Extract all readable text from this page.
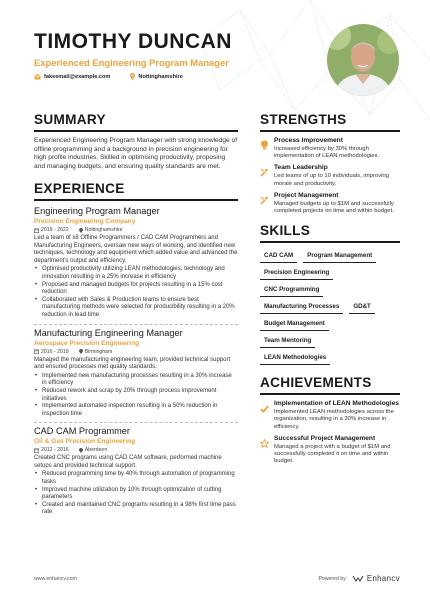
TIMOTHY DUNCAN
Experienced Engineering Program Manager
fakeemail@example.com	Nottinghamshire
SUMMARY
Experienced Engineering Program Manager with strong knowledge of offline programming and a background in precision engineering for high profile industries. Skilled in optimising productivity, proposing and managing budgets, and ensuring quality standards are met.
EXPERIENCE
Engineering Program Manager
Precision Engineering Company
2019 - 2022	Nottinghamshire
Led a team of x8 Offline Programmers / CAD CAM Programmers and Manufacturing Engineers, oversaw new ways of working, and identified new techniques, technology and equipment which added value and advanced the department's output and efficiency.
• Optimised productivity utilizing LEAN methodologies, technology and innovation resulting in a 25% increase in efficiency
• Proposed and managed budgets for projects resulting in a 15% cost reduction
• Collaborated with Sales & Production teams to ensure best manufacturing methods were selected for producibility resulting in a 20% reduction in lead time
Manufacturing Engineering Manager
Aerospace Precision Engineering
2016 - 2019	Birmingham
Managed the manufacturing engineering team, provided technical support and ensured processes met quality standards.
• Implemented new manufacturing processes resulting in a 30% increase in efficiency
• Reduced rework and scrap by 20% through process improvement initiatives
• Implemented automated inspection resulting in a 50% reduction in inspection time
CAD CAM Programmer
Oil & Gas Precision Engineering
2012 - 2016	Aberdeen
Created CNC programs using CAD CAM software, performed machine setups and provided technical support.
• Reduced programming time by 40% through automation of programming tasks
• Improved machine utilization by 10% through optimization of cutting parameters
• Created and maintained CNC programs resulting in a 98% first time pass rate
STRENGTHS
Process Improvement
Increased efficiency by 30% through implementation of LEAN methodologies.
Team Leadership
Led teams of up to 10 individuals, improving morale and productivity.
Project Management
Managed budgets up to $1M and successfully completed projects on time and within budget.
SKILLS
CAD CAM	Program Management
Precision Engineering
CNC Programming
Manufacturing Processes	GD&T
Budget Management
Team Mentoring
LEAN Methodologies
ACHIEVEMENTS
Implementation of LEAN Methodologies
Implemented LEAN methodologies across the organization, resulting in a 30% increase in efficiency.
Successful Project Management
Managed a project with a budget of $1M and successfully completed it on time and within budget.
www.enhancv.com	Powered by	Enhancv
